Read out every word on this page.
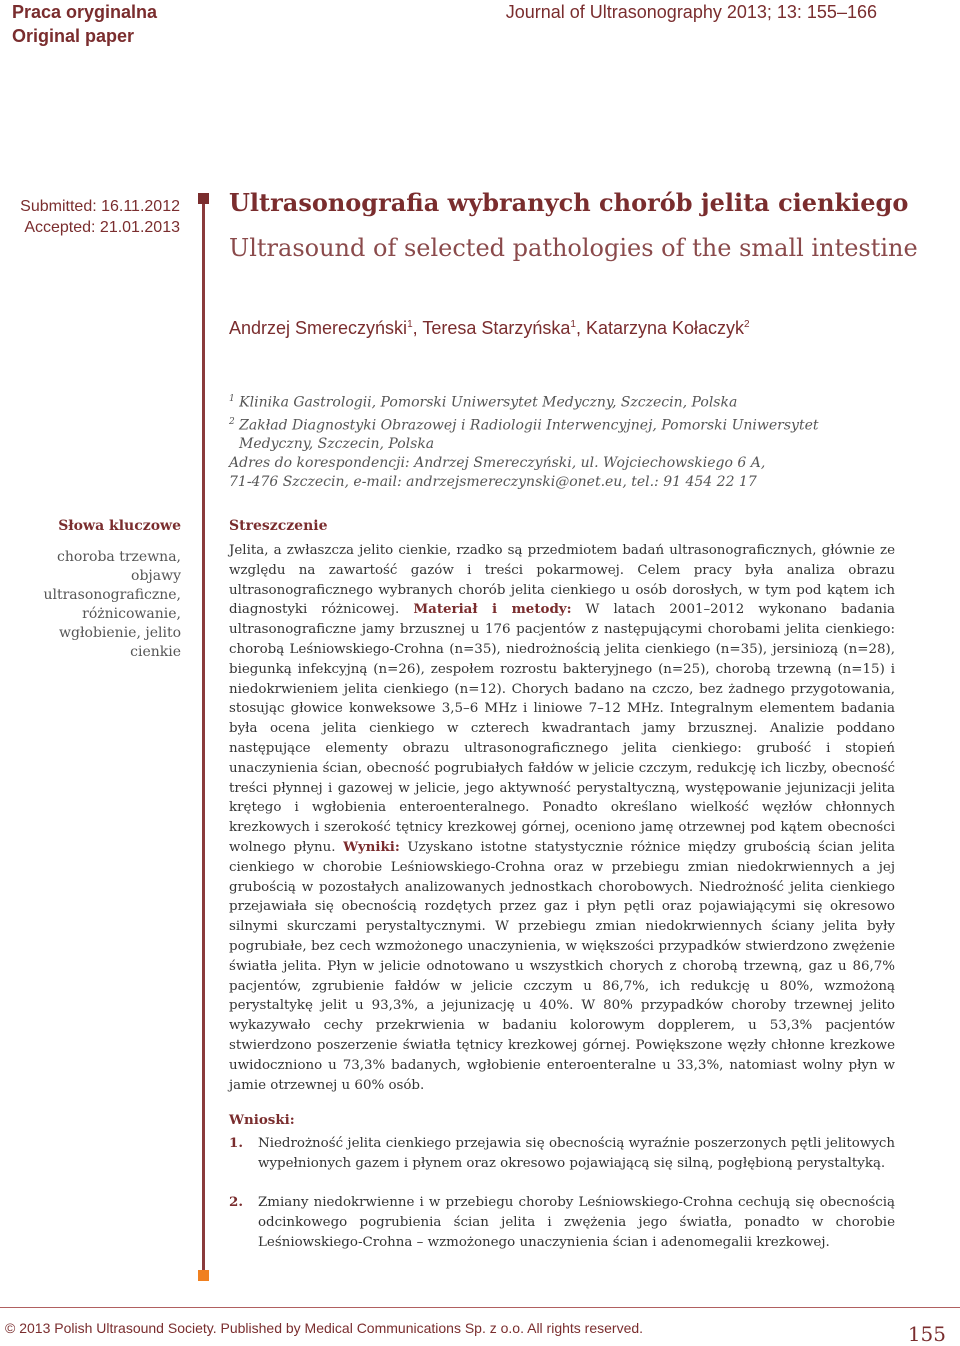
Praca oryginalna
Original paper
Journal of Ultrasonography 2013; 13: 155–166
Submitted: 16.11.2012
Accepted: 21.01.2013
Ultrasonografia wybranych chorób jelita cienkiego
Ultrasound of selected pathologies of the small intestine
Andrzej Smereczyński$^1$, Teresa Starzyńska$^1$, Katarzyna Kołaczyk$^2$
$^1$ Klinika Gastrologii, Pomorski Uniwersytet Medyczny, Szczecin, Polska
$^2$ Zakład Diagnostyki Obrazowej i Radiologii Interwencyjnej, Pomorski Uniwersytet
Medyczny, Szczecin, Polska
Adres do korespondencji: Andrzej Smereczyński, ul. Wojciechowskiego 6 A,
71-476 Szczecin, e-mail: andrzejsmereczynski@onet.eu, tel.: 91 454 22 17
Słowa kluczowe
choroba trzewna, objawy ultrasonograficzne, różnicowanie, wgłobienie, jelito cienkie
Streszczenie
Jelita, a zwłaszcza jelito cienkie, rzadko są przedmiotem badań ultrasonograficznych, głównie ze względu na zawartość gazów i treści pokarmowej. Celem pracy była analiza obrazu ultrasonograficznego wybranych chorób jelita cienkiego u osób dorosłych, w tym pod kątem ich diagnostyki różnicowej. Materiał i metody: W latach 2001–2012 wykonano badania ultrasonograficzne jamy brzusznej u 176 pacjentów z następującymi chorobami jelita cienkiego: chorobą Leśniowskiego-Crohna (n=35), niedrożnością jelita cienkiego (n=35), jersiniozą (n=28), biegunką infekcyjną (n=26), zespołem rozrostu bakteryjnego (n=25), chorobą trzewną (n=15) i niedokrwieniem jelita cienkiego (n=12). Chorych badano na czczo, bez żadnego przygotowania, stosując głowice konweksowe 3,5–6 MHz i liniowe 7–12 MHz. Integralnym elementem badania była ocena jelita cienkiego w czterech kwadrantach jamy brzusznej. Analizie poddano następujące elementy obrazu ultrasonograficznego jelita cienkiego: grubość i stopień unaczynienia ścian, obecność pogrubiałych fałdów w jelicie czczym, redukcję ich liczby, obecność treści płynnej i gazowej w jelicie, jego aktywność perystaltyczną, występowanie jejunizacji jelita krętego i wgłobienia enteroenteralnego. Ponadto określano wielkość węzłów chłonnych krezkowych i szerokość tętnicy krezkowej górnej, oceniono jamę otrzewnej pod kątem obecności wolnego płynu. Wyniki: Uzyskano istotne statystycznie różnice między grubością ścian jelita cienkiego w chorobie Leśniowskiego-Crohna oraz w przebiegu zmian niedokrwiennych a jej grubością w pozostałych analizowanych jednostkach chorobowych. Niedrożność jelita cienkiego przejawiała się obecnością rozdętych przez gaz i płyn pętli oraz pojawiającymi się okresowo silnymi skurczami perystaltycznymi. W przebiegu zmian niedokrwiennych ściany jelita były pogrubiałe, bez cech wzmożonego unaczynienia, w większości przypadków stwierdzono zwężenie światła jelita. Płyn w jelicie odnotowano u wszystkich chorych z chorobą trzewną, gaz u 86,7% pacjentów, zgrubienie fałdów w jelicie czczym u 86,7%, ich redukcję u 80%, wzmożoną perystaltykę jelit u 93,3%, a jejunizację u 40%. W 80% przypadków choroby trzewnej jelito wykazywało cechy przekrwienia w badaniu kolorowym dopplerem, u 53,3% pacjentów stwierdzono poszerzenie światła tętnicy krezkowej górnej. Powiększone węzły chłonne krezkowe uwidoczniono u 73,3% badanych, wgłobienie enteroenteralne u 33,3%, natomiast wolny płyn w jamie otrzewnej u 60% osób.
Wnioski:
1. Niedrożność jelita cienkiego przejawia się obecnością wyraźnie poszerzonych pętli jelitowych wypełnionych gazem i płynem oraz okresowo pojawiającą się silną, pogłębioną perystaltyką.
2. Zmiany niedokrwienne i w przebiegu choroby Leśniowskiego-Crohna cechują się obecnością odcinkowego pogrubienia ścian jelita i zwężenia jego światła, ponadto w chorobie Leśniowskiego-Crohna – wzmożonego unaczynienia ścian i adenomegalii krezkowej.
© 2013 Polish Ultrasound Society. Published by Medical Communications Sp. z o.o. All rights reserved.	155
